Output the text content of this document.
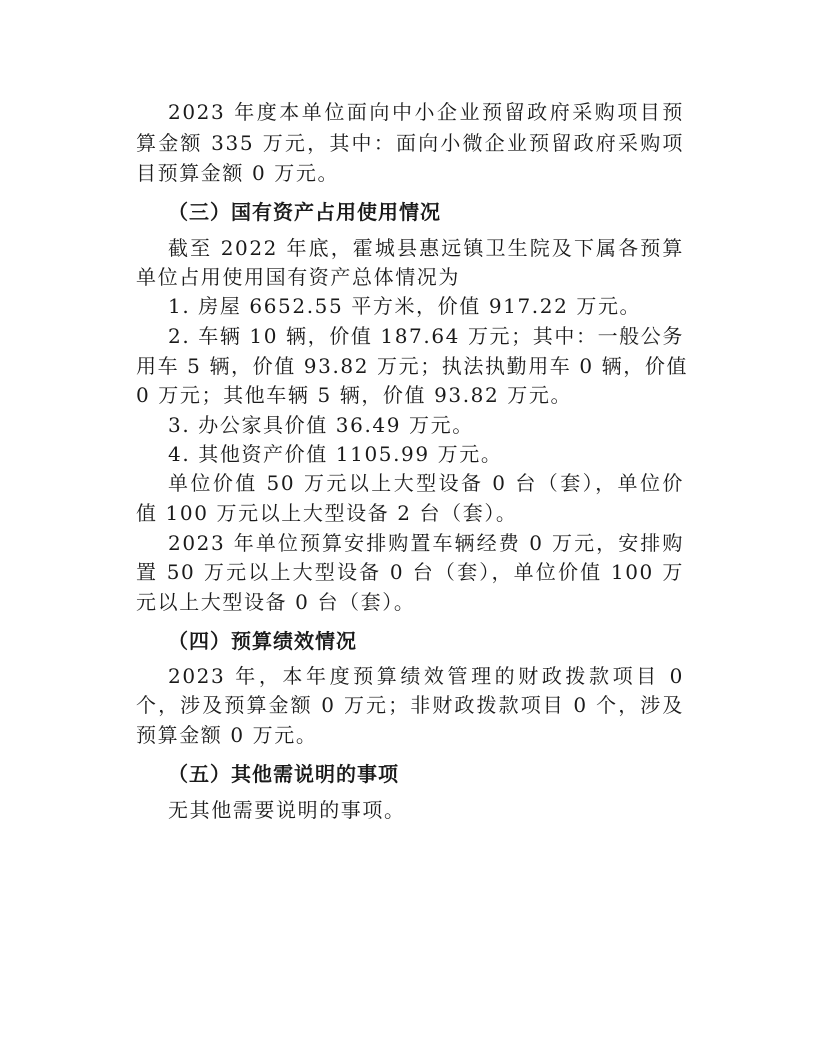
2023 年度本单位面向中小企业预留政府采购项目预
算金额 335 万元，其中：面向小微企业预留政府采购项
目预算金额 0 万元。
（三）国有资产占用使用情况
截至 2022 年底，霍城县惠远镇卫生院及下属各预算
单位占用使用国有资产总体情况为
1. 房屋 6652.55 平方米，价值 917.22 万元。
2. 车辆 10 辆，价值 187.64 万元；其中：一般公务
用车 5 辆，价值 93.82 万元；执法执勤用车 0 辆，价值
0 万元；其他车辆 5 辆，价值 93.82 万元。
3. 办公家具价值 36.49 万元。
4. 其他资产价值 1105.99 万元。
单位价值 50 万元以上大型设备 0 台（套），单位价
值 100 万元以上大型设备 2 台（套）。
2023 年单位预算安排购置车辆经费 0 万元，安排购
置 50 万元以上大型设备 0 台（套），单位价值 100 万
元以上大型设备 0 台（套）。
（四）预算绩效情况
2023 年，本年度预算绩效管理的财政拨款项目 0
个，涉及预算金额 0 万元；非财政拨款项目 0 个，涉及
预算金额 0 万元。
（五）其他需说明的事项
无其他需要说明的事项。
